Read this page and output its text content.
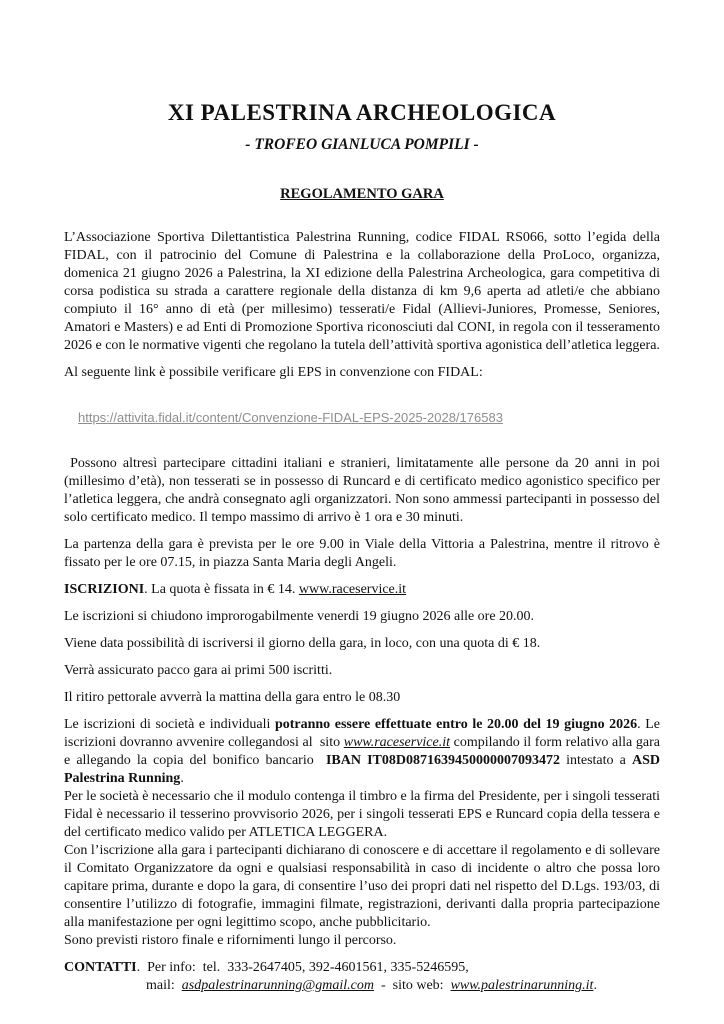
XI PALESTRINA ARCHEOLOGICA
- TROFEO GIANLUCA POMPILI -
REGOLAMENTO GARA

L’Associazione Sportiva Dilettantistica Palestrina Running, codice FIDAL RS066, sotto l’egida della FIDAL, con il patrocinio del Comune di Palestrina e la collaborazione della ProLoco, organizza, domenica 21 giugno 2026 a Palestrina, la XI edizione della Palestrina Archeologica, gara competitiva di corsa podistica su strada a carattere regionale della distanza di km 9,6 aperta ad atleti/e che abbiano compiuto il 16° anno di età (per millesimo) tesserati/e Fidal (Allievi-Juniores, Promesse, Seniores, Amatori e Masters) e ad Enti di Promozione Sportiva riconosciuti dal CONI, in regola con il tesseramento 2026 e con le normative vigenti che regolano la tutela dell’attività sportiva agonistica dell’atletica leggera.

Al seguente link è possibile verificare gli EPS in convenzione con FIDAL:

https://attivita.fidal.it/content/Convenzione-FIDAL-EPS-2025-2028/176583

Possono altresì partecipare cittadini italiani e stranieri, limitatamente alle persone da 20 anni in poi (millesimo d’età), non tesserati se in possesso di Runcard e di certificato medico agonistico specifico per l’atletica leggera, che andrà consegnato agli organizzatori. Non sono ammessi partecipanti in possesso del solo certificato medico. Il tempo massimo di arrivo è 1 ora e 30 minuti.

La partenza della gara è prevista per le ore 9.00 in Viale della Vittoria a Palestrina, mentre il ritrovo è fissato per le ore 07.15, in piazza Santa Maria degli Angeli.

ISCRIZIONI. La quota è fissata in € 14. www.raceservice.it

Le iscrizioni si chiudono improrogabilmente venerdi 19 giugno 2026 alle ore 20.00.

Viene data possibilità di iscriversi il giorno della gara, in loco, con una quota di € 18.

Verrà assicurato pacco gara ai primi 500 iscritti.

Il ritiro pettorale avverrà la mattina della gara entro le 08.30

Le iscrizioni di società e individuali potranno essere effettuate entro le 20.00 del 19 giugno 2026. Le iscrizioni dovranno avvenire collegandosi al  sito www.raceservice.it compilando il form relativo alla gara e allegando la copia del bonifico bancario  IBAN IT08D0871639450000007093472 intestato a ASD Palestrina Running.

Per le società è necessario che il modulo contenga il timbro e la firma del Presidente, per i singoli tesserati Fidal è necessario il tesserino provvisorio 2026, per i singoli tesserati EPS e Runcard copia della tessera e del certificato medico valido per ATLETICA LEGGERA.

Con l’iscrizione alla gara i partecipanti dichiarano di conoscere e di accettare il regolamento e di sollevare il Comitato Organizzatore da ogni e qualsiasi responsabilità in caso di incidente o altro che possa loro capitare prima, durante e dopo la gara, di consentire l’uso dei propri dati nel rispetto del D.Lgs. 193/03, di consentire l’utilizzo di fotografie, immagini filmate, registrazioni, derivanti dalla propria partecipazione alla manifestazione per ogni legittimo scopo, anche pubblicitario.

Sono previsti ristoro finale e rifornimenti lungo il percorso.

CONTATTI.  Per info:  tel.  333-2647405, 392-4601561, 335-5246595,

mail:  asdpalestrinarunning@gmail.com  -  sito web:  www.palestrinarunning.it.
